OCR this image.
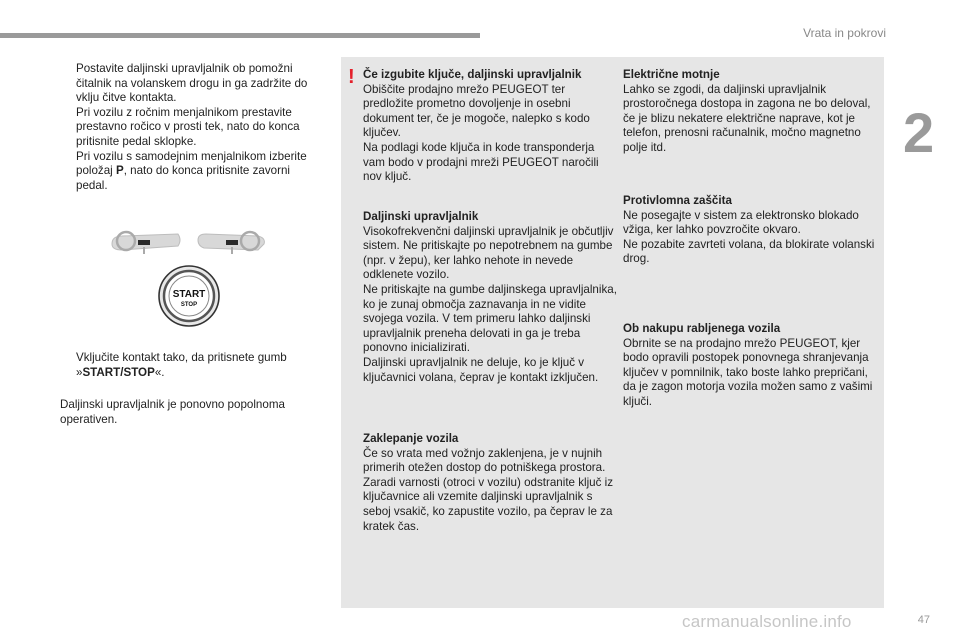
Vrata in pokrovi
2
47
carmanualsonline.info
Postavite daljinski upravljalnik ob pomožni čitalnik na volanskem drogu in ga zadržite do vklju čitve kontakta.
Pri vozilu z ročnim menjalnikom prestavite prestavno ročico v prosti tek, nato do konca pritisnite pedal sklopke.
Pri vozilu s samodejnim menjalnikom izberite položaj P, nato do konca pritisnite zavorni pedal.
START
STOP
Vključite kontakt tako, da pritisnete gumb »START/STOP«.
Daljinski upravljalnik je ponovno popolnoma operativen.
! Če izgubite ključe, daljinski upravljalnik
Obiščite prodajno mrežo PEUGEOT ter predložite prometno dovoljenje in osebni dokument ter, če je mogoče, nalepko s kodo ključev.
Na podlagi kode ključa in kode transponderja vam bodo v prodajni mreži PEUGEOT naročili nov ključ.
Daljinski upravljalnik
Visokofrekvenčni daljinski upravljalnik je občutljiv sistem. Ne pritiskajte po nepotrebnem na gumbe (npr. v žepu), ker lahko nehote in nevede odklenete vozilo.
Ne pritiskajte na gumbe daljinskega upravljalnika, ko je zunaj območja zaznavanja in ne vidite svojega vozila. V tem primeru lahko daljinski upravljalnik preneha delovati in ga je treba ponovno inicializirati.
Daljinski upravljalnik ne deluje, ko je ključ v ključavnici volana, čeprav je kontakt izključen.
Zaklepanje vozila
Če so vrata med vožnjo zaklenjena, je v nujnih primerih otežen dostop do potniškega prostora.
Zaradi varnosti (otroci v vozilu) odstranite ključ iz ključavnice ali vzemite daljinski upravljalnik s seboj vsakič, ko zapustite vozilo, pa čeprav le za kratek čas.
Električne motnje
Lahko se zgodi, da daljinski upravljalnik prostoročnega dostopa in zagona ne bo deloval, če je blizu nekatere električne naprave, kot je telefon, prenosni računalnik, močno magnetno polje itd.
Protivlomna zaščita
Ne posegajte v sistem za elektronsko blokado vžiga, ker lahko povzročite okvaro.
Ne pozabite zavrteti volana, da blokirate volanski drog.
Ob nakupu rabljenega vozila
Obrnite se na prodajno mrežo PEUGEOT, kjer bodo opravili postopek ponovnega shranjevanja ključev v pomnilnik, tako boste lahko prepričani, da je zagon motorja vozila možen samo z vašimi ključi.
